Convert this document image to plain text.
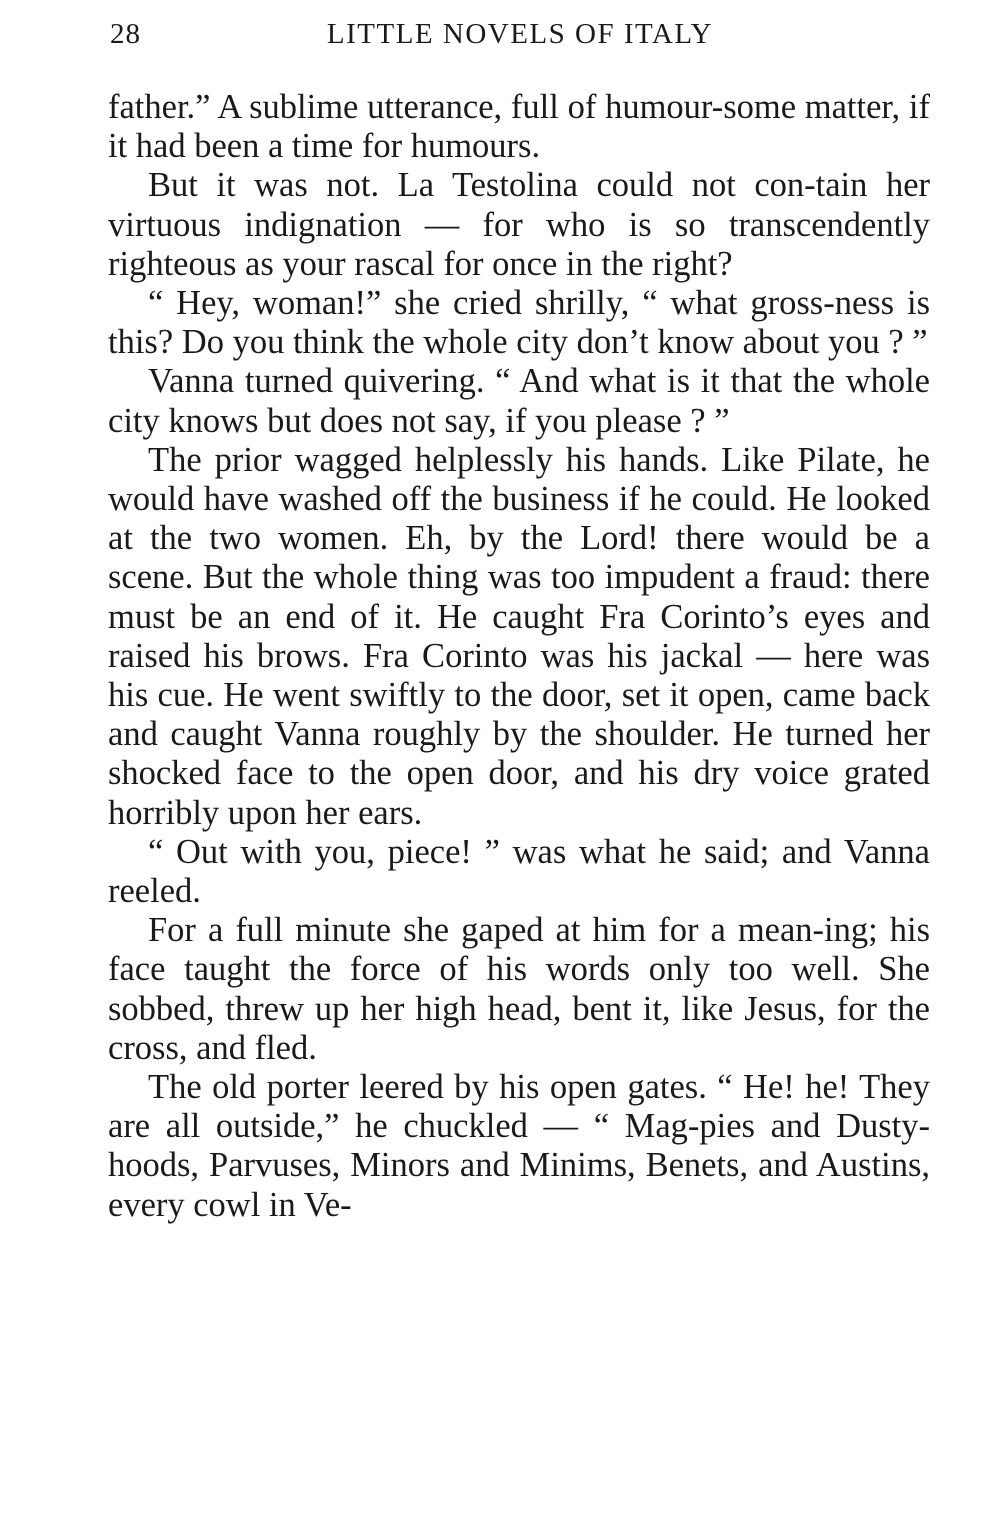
28	LITTLE NOVELS OF ITALY

father.” A sublime utterance, full of humour-some matter, if it had been a time for humours.

But it was not. La Testolina could not con-tain her virtuous indignation — for who is so transcendently righteous as your rascal for once in the right?

“ Hey, woman!” she cried shrilly, “ what gross-ness is this? Do you think the whole city don’t know about you ? ”

Vanna turned quivering. “ And what is it that the whole city knows but does not say, if you please ? ”

The prior wagged helplessly his hands. Like Pilate, he would have washed off the business if he could. He looked at the two women. Eh, by the Lord! there would be a scene. But the whole thing was too impudent a fraud: there must be an end of it. He caught Fra Corinto’s eyes and raised his brows. Fra Corinto was his jackal — here was his cue. He went swiftly to the door, set it open, came back and caught Vanna roughly by the shoulder. He turned her shocked face to the open door, and his dry voice grated horribly upon her ears.

“ Out with you, piece! ” was what he said; and Vanna reeled.

For a full minute she gaped at him for a mean-ing; his face taught the force of his words only too well. She sobbed, threw up her high head, bent it, like Jesus, for the cross, and fled.

The old porter leered by his open gates. “ He! he! They are all outside,” he chuckled — “ Mag-pies and Dusty-hoods, Parvuses, Minors and Minims, Benets, and Austins, every cowl in Ve-
